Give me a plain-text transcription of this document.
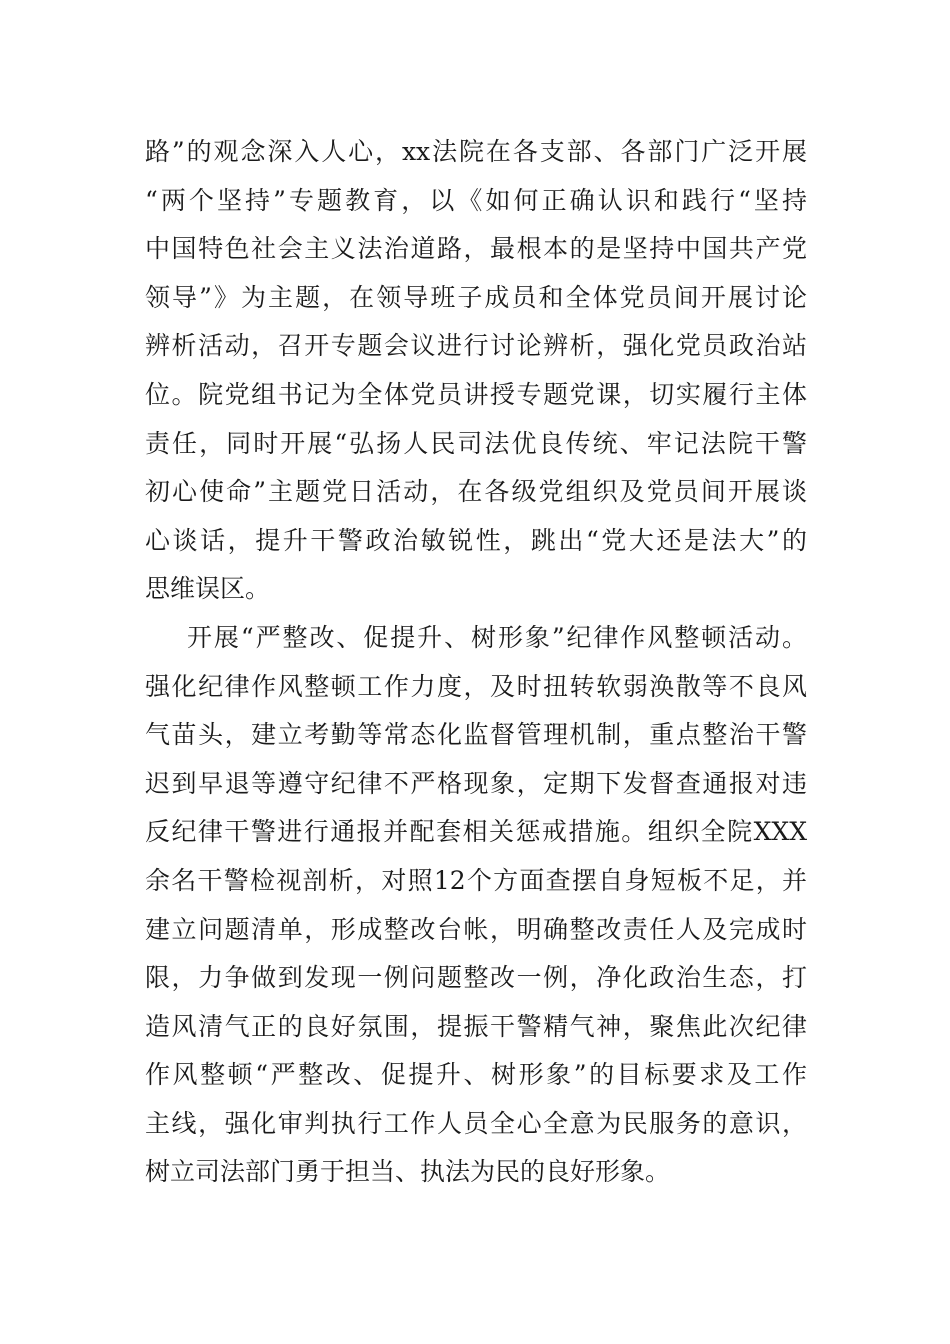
路”的观念深入人心，xx法院在各支部、各部门广泛开展
“两个坚持”专题教育，以《如何正确认识和践行“坚持
中国特色社会主义法治道路，最根本的是坚持中国共产党
领导”》为主题，在领导班子成员和全体党员间开展讨论
辨析活动，召开专题会议进行讨论辨析，强化党员政治站
位。院党组书记为全体党员讲授专题党课，切实履行主体
责任，同时开展“弘扬人民司法优良传统、牢记法院干警
初心使命”主题党日活动，在各级党组织及党员间开展谈
心谈话，提升干警政治敏锐性，跳出“党大还是法大”的
思维误区。
开展“严整改、促提升、树形象”纪律作风整顿活动。
强化纪律作风整顿工作力度，及时扭转软弱涣散等不良风
气苗头，建立考勤等常态化监督管理机制，重点整治干警
迟到早退等遵守纪律不严格现象，定期下发督查通报对违
反纪律干警进行通报并配套相关惩戒措施。组织全院XXX
余名干警检视剖析，对照12个方面查摆自身短板不足，并
建立问题清单，形成整改台帐，明确整改责任人及完成时
限，力争做到发现一例问题整改一例，净化政治生态，打
造风清气正的良好氛围，提振干警精气神，聚焦此次纪律
作风整顿“严整改、促提升、树形象”的目标要求及工作
主线，强化审判执行工作人员全心全意为民服务的意识，
树立司法部门勇于担当、执法为民的良好形象。
